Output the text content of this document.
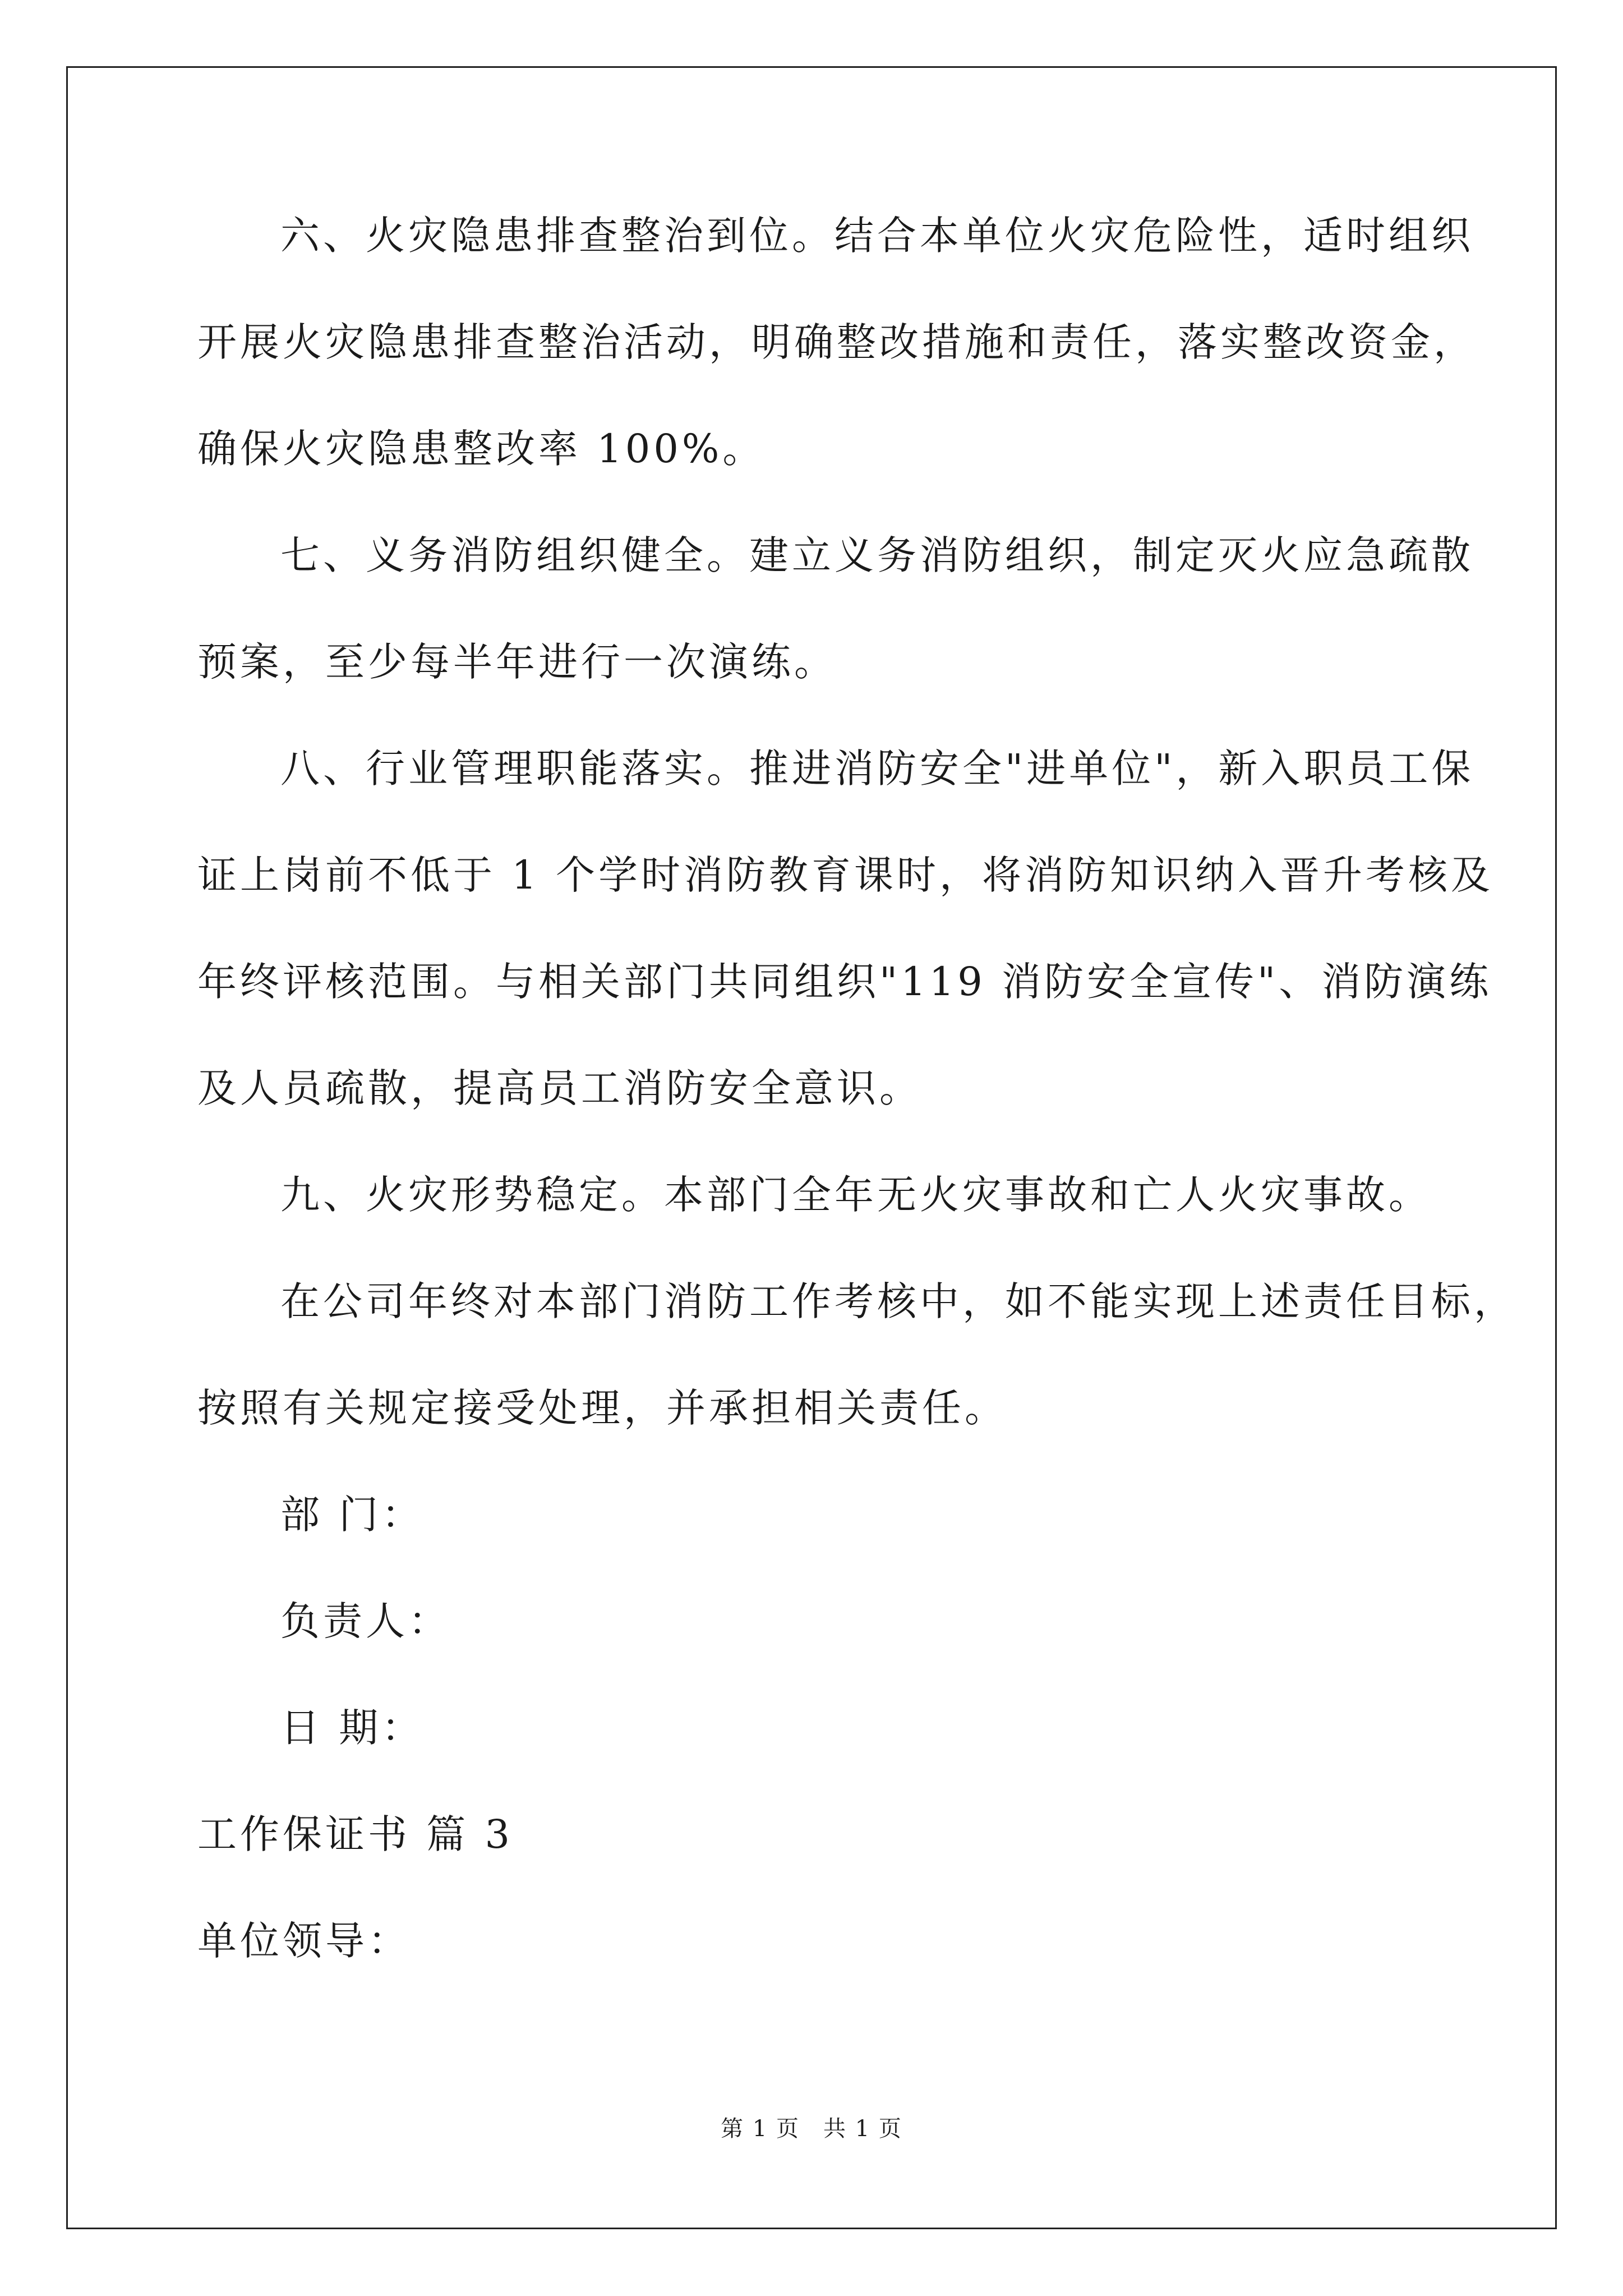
六、火灾隐患排查整治到位。结合本单位火灾危险性，适时组织
开展火灾隐患排查整治活动，明确整改措施和责任，落实整改资金，
确保火灾隐患整改率 100%。
七、义务消防组织健全。建立义务消防组织，制定灭火应急疏散
预案，至少每半年进行一次演练。
八、行业管理职能落实。推进消防安全"进单位"，新入职员工保
证上岗前不低于 1 个学时消防教育课时，将消防知识纳入晋升考核及
年终评核范围。与相关部门共同组织"119 消防安全宣传"、消防演练
及人员疏散，提高员工消防安全意识。
九、火灾形势稳定。本部门全年无火灾事故和亡人火灾事故。
在公司年终对本部门消防工作考核中，如不能实现上述责任目标，
按照有关规定接受处理，并承担相关责任。
部 门：
负责人：
日 期：
工作保证书 篇 3
单位领导：
第 1 页　共 1 页
